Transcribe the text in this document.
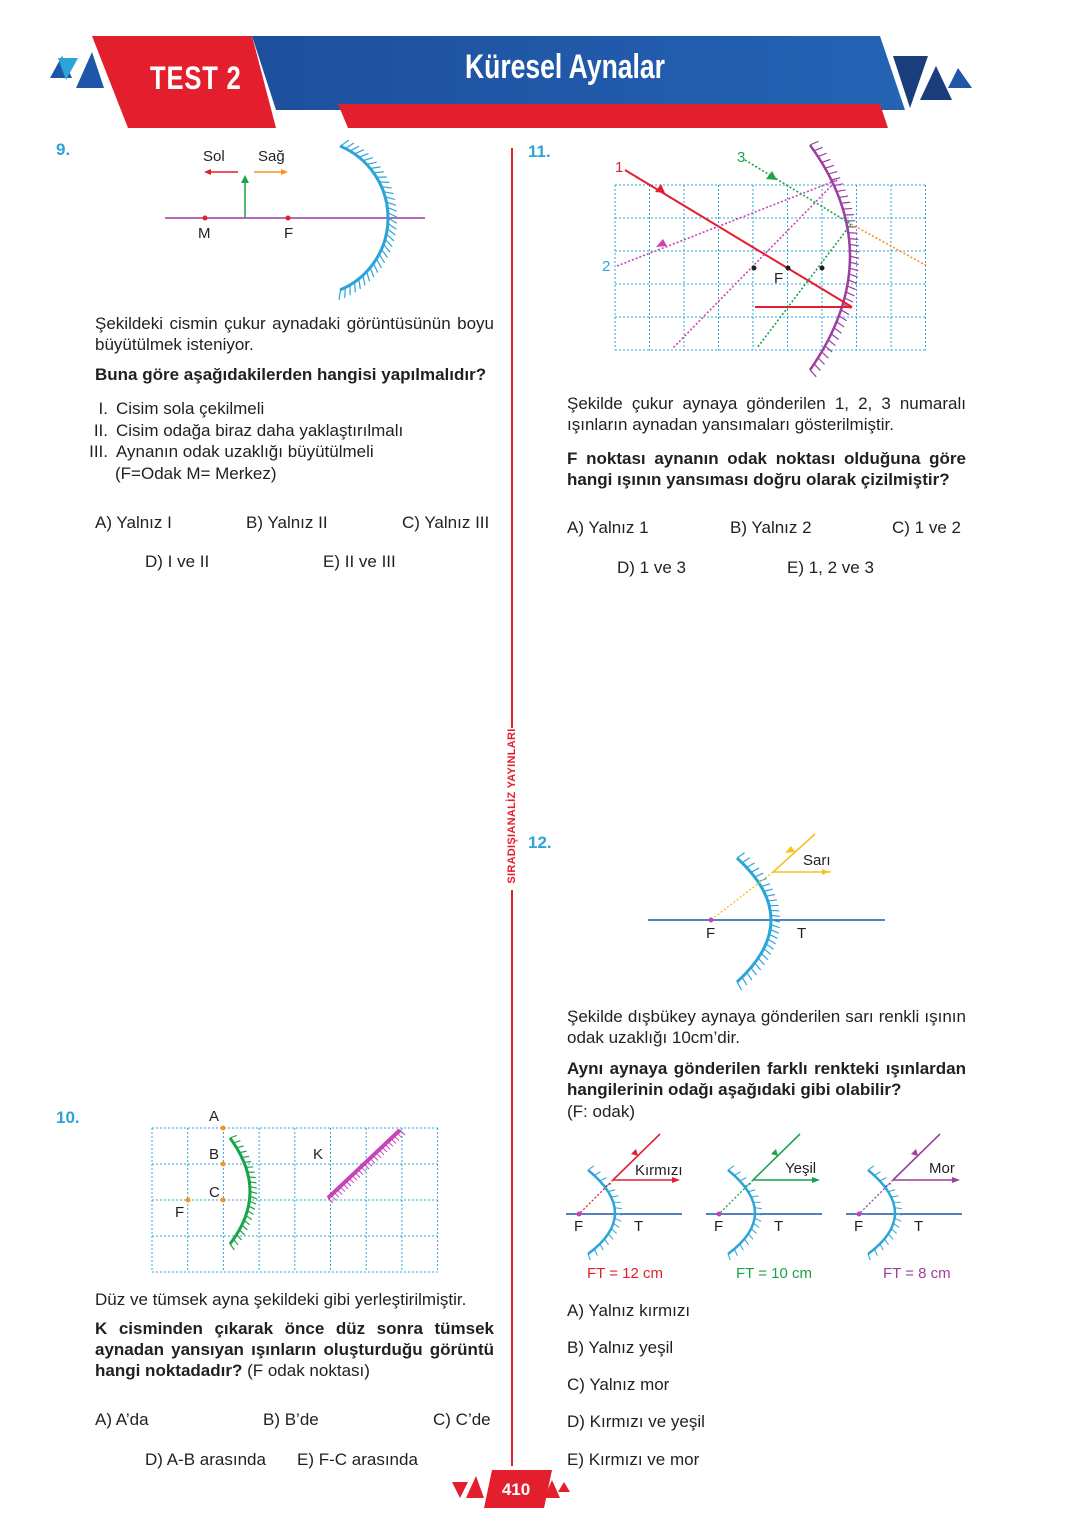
TEST 2	Küresel Aynalar
SIRADIŞIANALİZ YAYINLARI
9.	Sol Sağ
M	F
Şekildeki cismin çukur aynadaki görüntüsünün boyu büyütülmek isteniyor.
Buna göre aşağıdakilerden hangisi yapılmalıdır?
I. Cisim sola çekilmeli
II. Cisim odağa biraz daha yaklaştırılmalı
III. Aynanın odak uzaklığı büyütülmeli
(F=Odak M= Merkez)
A) Yalnız I	B) Yalnız II	C) Yalnız III
D) I ve II	E) II ve III
10.	A
B
C
F
K
Düz ve tümsek ayna şekildeki gibi yerleştirilmiştir.
K cisminden çıkarak önce düz sonra tümsek aynadan yansıyan ışınların oluşturduğu görüntü hangi noktadadır? (F odak noktası)
A) A’da	B) B’de	C) C’de
D) A-B arasında E) F-C arasında
11.
1
2
3
F
Şekilde çukur aynaya gönderilen 1, 2, 3 numaralı ışınların aynadan yansımaları gösterilmiştir.
F noktası aynanın odak noktası olduğuna göre hangi ışının yansıması doğru olarak çizilmiştir?
A) Yalnız 1	B) Yalnız 2	C) 1 ve 2
D) 1 ve 3	E) 1, 2 ve 3
12.
Sarı
F	T
Şekilde dışbükey aynaya gönderilen sarı renkli ışının odak uzaklığı 10cm’dir.
Aynı aynaya gönderilen farklı renkteki ışınlardan hangilerinin odağı aşağıdaki gibi olabilir?
(F: odak)
Kırmızı	Yeşil	Mor
F	T	F	T	F	T
FT = 12 cm	FT = 10 cm	FT = 8 cm
A) Yalnız kırmızı
B) Yalnız yeşil
C) Yalnız mor
D) Kırmızı ve yeşil
E) Kırmızı ve mor
410
